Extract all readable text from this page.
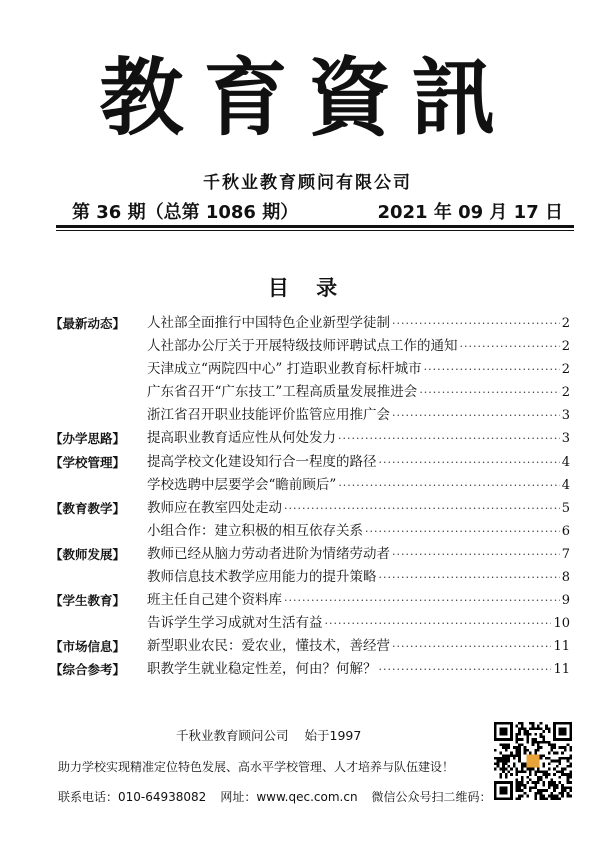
教育資訊
千秋业教育顾问有限公司
第 36 期（总第 1086 期）	2021 年 09 月 17 日
目 录
【最新动态】	人社部全面推行中国特色企业新型学徒制 ·····	2
人社部办公厅关于开展特级技师评聘试点工作的通知 ·····	2
天津成立“两院四中心” 打造职业教育标杆城市 ·····	2
广东省召开“广东技工”工程高质量发展推进会 ·····	2
浙江省召开职业技能评价监管应用推广会 ·····	3
【办学思路】	提高职业教育适应性从何处发力 ·····	3
【学校管理】	提高学校文化建设知行合一程度的路径 ·····	4
学校选聘中层要学会“瞻前顾后” ·····	4
【教育教学】	教师应在教室四处走动 ·····	5
小组合作：建立积极的相互依存关系 ·····	6
【教师发展】	教师已经从脑力劳动者进阶为情绪劳动者 ·····	7
教师信息技术教学应用能力的提升策略 ·····	8
【学生教育】	班主任自己建个资料库 ·····	9
告诉学生学习成就对生活有益 ·····	10
【市场信息】	新型职业农民：爱农业，懂技术，善经营 ·····	11
【综合参考】	职教学生就业稳定性差，何由？何解？ ·····	11
千秋业教育顾问公司 始于1997
助力学校实现精准定位特色发展、高水平学校管理、人才培养与队伍建设！
联系电话：010-64938082 网址：www.qec.com.cn 微信公众号扫二维码：
